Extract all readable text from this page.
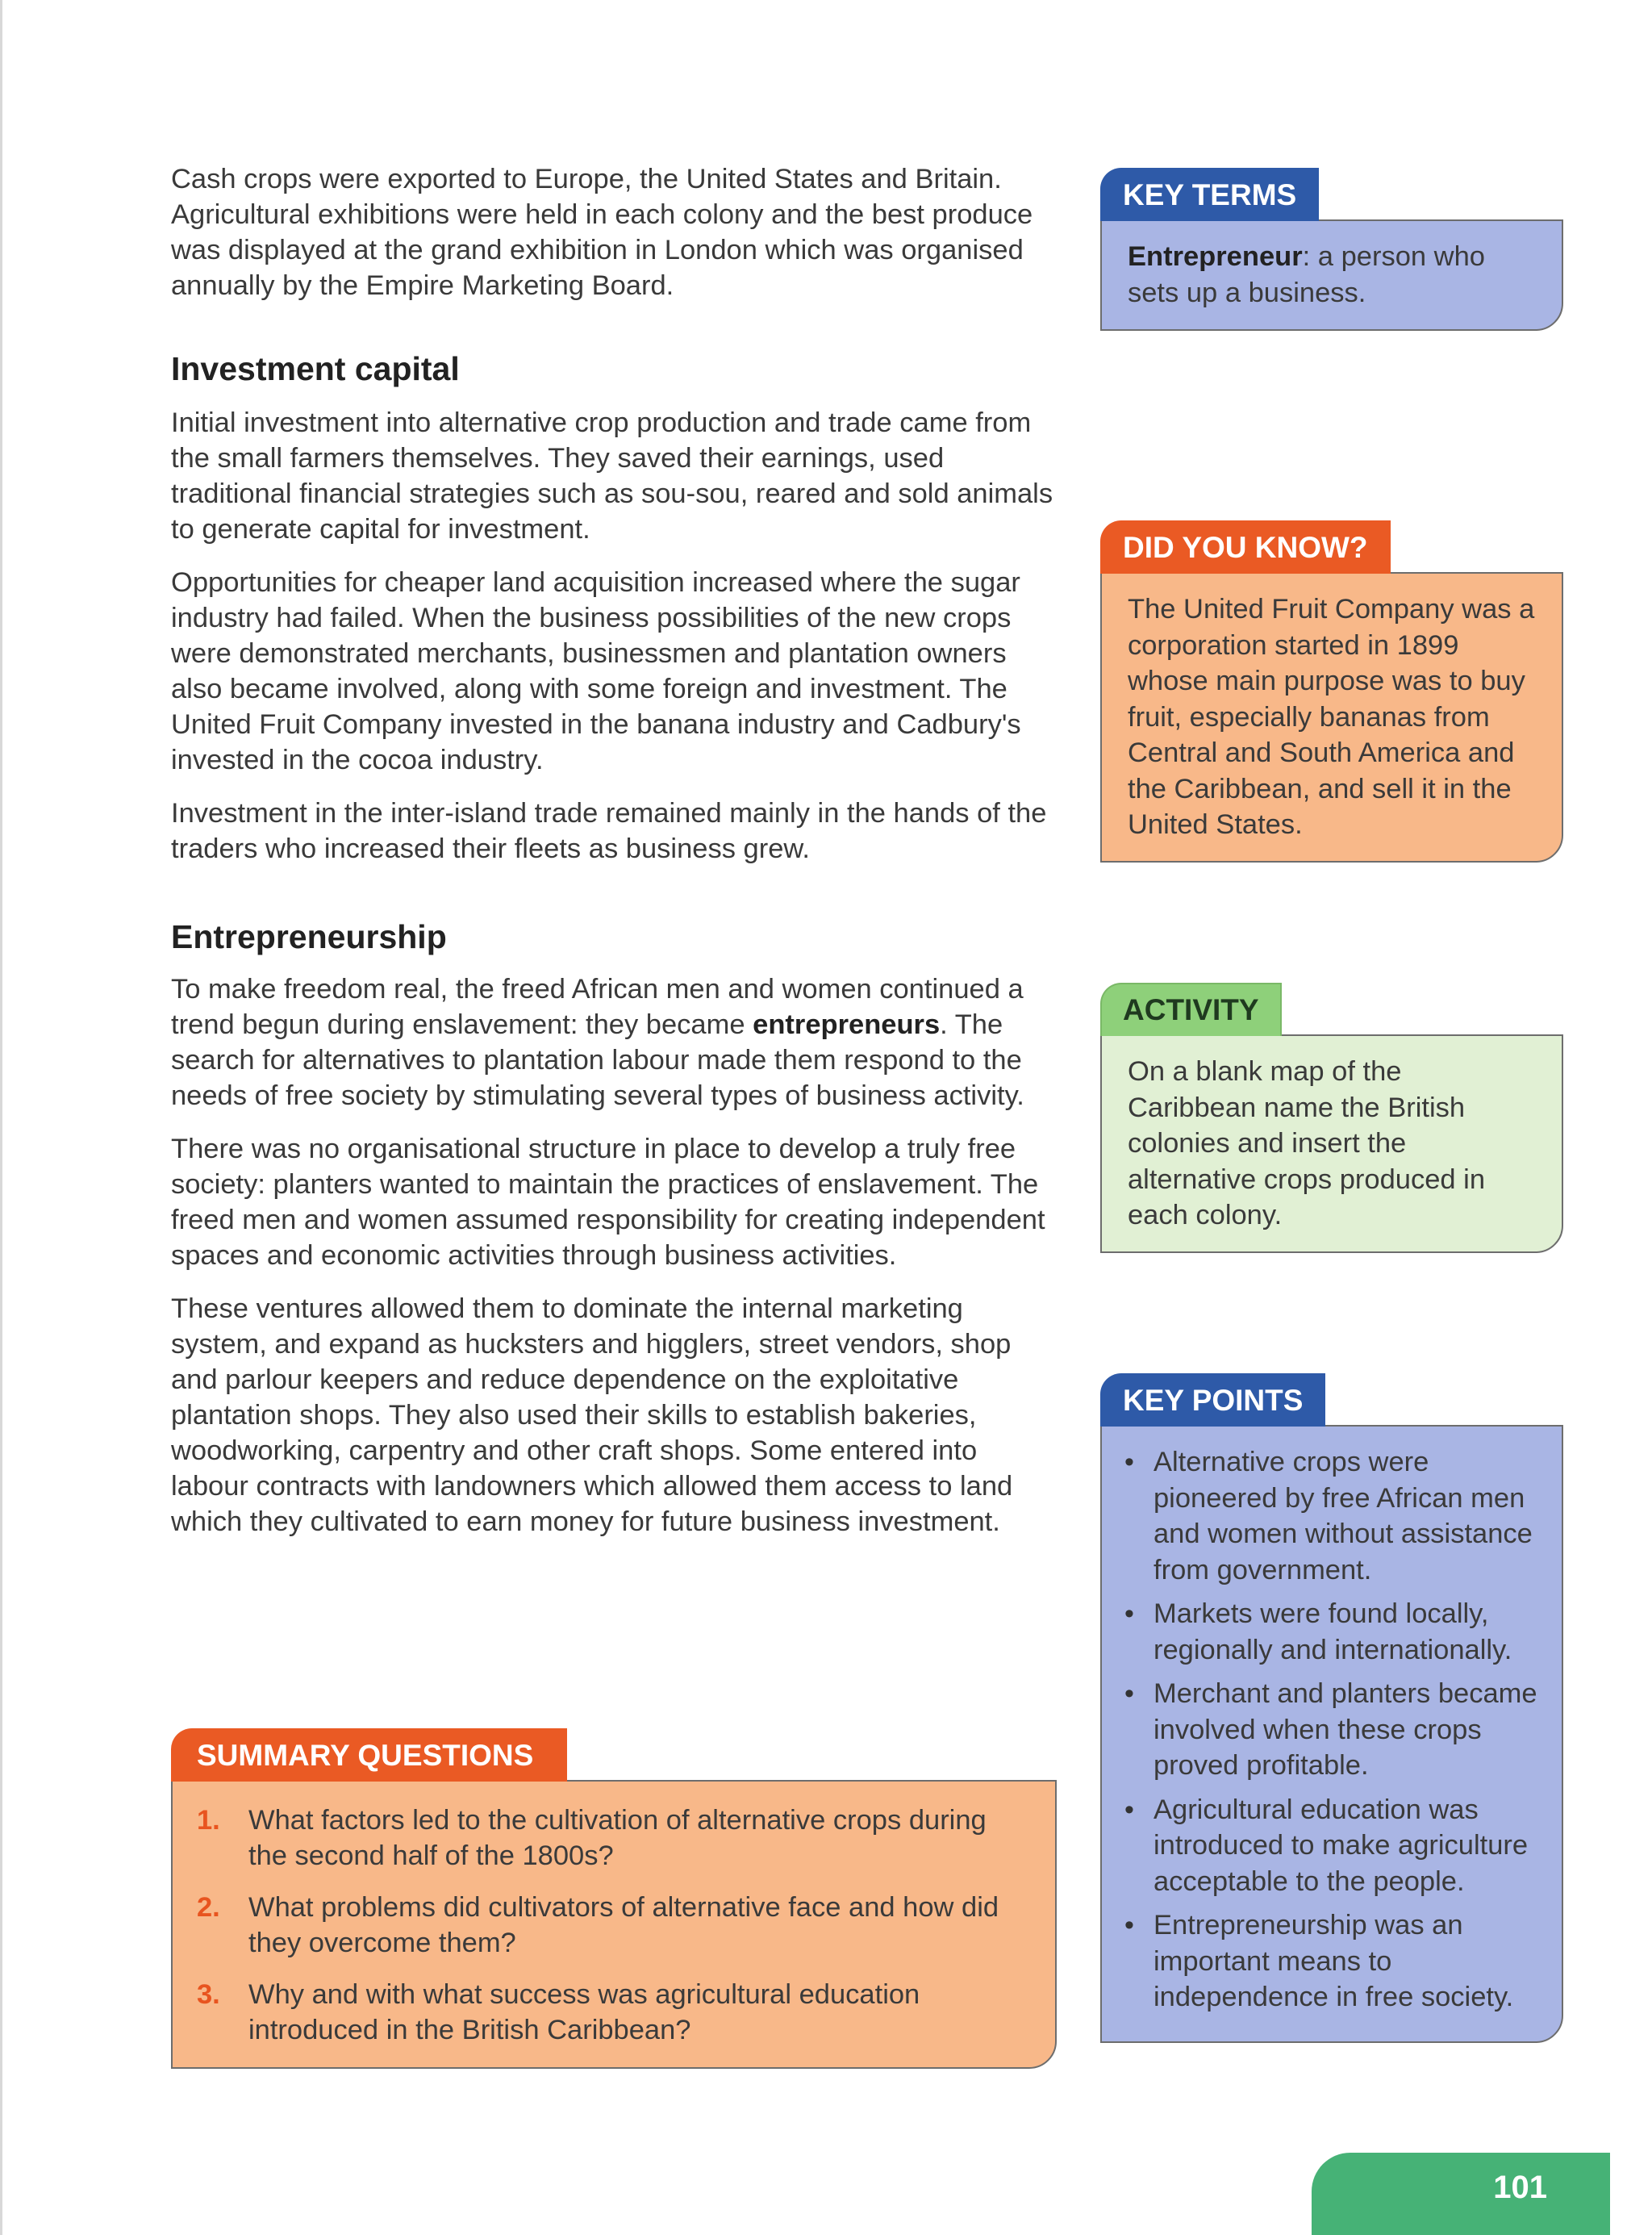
Cash crops were exported to Europe, the United States and Britain. Agricultural exhibitions were held in each colony and the best produce was displayed at the grand exhibition in London which was organised annually by the Empire Marketing Board.

Investment capital

Initial investment into alternative crop production and trade came from the small farmers themselves. They saved their earnings, used traditional financial strategies such as sou-sou, reared and sold animals to generate capital for investment.

Opportunities for cheaper land acquisition increased where the sugar industry had failed. When the business possibilities of the new crops were demonstrated merchants, businessmen and plantation owners also became involved, along with some foreign and investment. The United Fruit Company invested in the banana industry and Cadbury's invested in the cocoa industry.

Investment in the inter-island trade remained mainly in the hands of the traders who increased their fleets as business grew.

Entrepreneurship

To make freedom real, the freed African men and women continued a trend begun during enslavement: they became entrepreneurs. The search for alternatives to plantation labour made them respond to the needs of free society by stimulating several types of business activity.

There was no organisational structure in place to develop a truly free society: planters wanted to maintain the practices of enslavement. The freed men and women assumed responsibility for creating independent spaces and economic activities through business activities.

These ventures allowed them to dominate the internal marketing system, and expand as hucksters and higglers, street vendors, shop and parlour keepers and reduce dependence on the exploitative plantation shops. They also used their skills to establish bakeries, woodworking, carpentry and other craft shops. Some entered into labour contracts with landowners which allowed them access to land which they cultivated to earn money for future business investment.

KEY TERMS
Entrepreneur: a person who sets up a business.
DID YOU KNOW?
The United Fruit Company was a corporation started in 1899 whose main purpose was to buy fruit, especially bananas from Central and South America and the Caribbean, and sell it in the United States.
ACTIVITY
On a blank map of the Caribbean name the British colonies and insert the alternative crops produced in each colony.
KEY POINTS
• Alternative crops were pioneered by free African men and women without assistance from government.
• Markets were found locally, regionally and internationally.
• Merchant and planters became involved when these crops proved profitable.
• Agricultural education was introduced to make agriculture acceptable to the people.
• Entrepreneurship was an important means to independence in free society.
SUMMARY QUESTIONS
1. What factors led to the cultivation of alternative crops during the second half of the 1800s?
2. What problems did cultivators of alternative face and how did they overcome them?
3. Why and with what success was agricultural education introduced in the British Caribbean?
101
